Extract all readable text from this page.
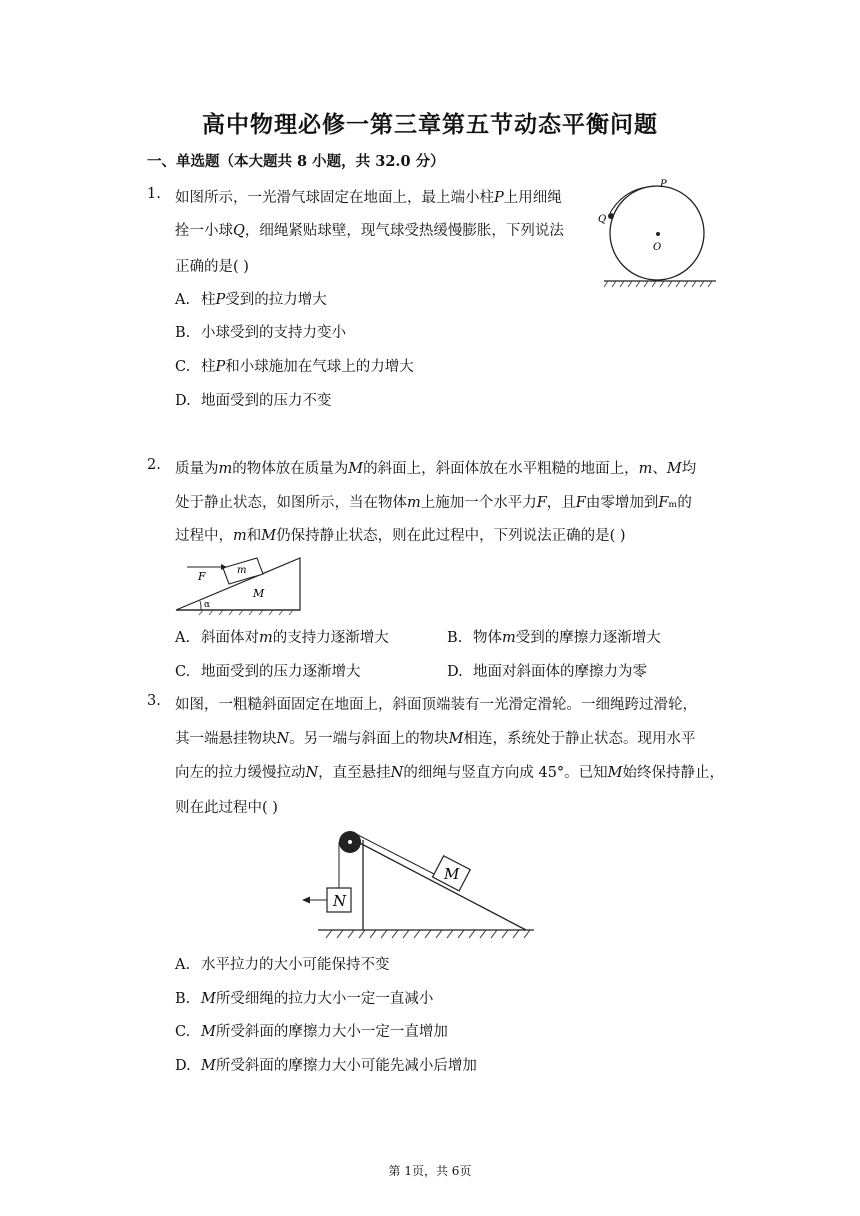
高中物理必修一第三章第五节动态平衡问题
一、单选题（本大题共 8 小题，共 32.0 分）
1. 如图所示，一光滑气球固定在地面上，最上端小柱𝑃上用细绳
拴一小球𝑄，细绳紧贴球壁，现气球受热缓慢膨胀，下列说法
正确的是( )
A. 柱𝑃受到的拉力增大
B. 小球受到的支持力变小
C. 柱𝑃和小球施加在气球上的力增大
D. 地面受到的压力不变
P
Q
O
2. 质量为𝑚的物体放在质量为𝑀的斜面上，斜面体放在水平粗糙的地面上，𝑚、𝑀均
处于静止状态，如图所示，当在物体𝑚上施加一个水平力𝐹，且𝐹由零增加到𝐹ₘ的
过程中，𝑚和𝑀仍保持静止状态，则在此过程中，下列说法正确的是( )
F	m
M
α
A. 斜面体对𝑚的支持力逐渐增大	B. 物体𝑚受到的摩擦力逐渐增大
C. 地面受到的压力逐渐增大	D. 地面对斜面体的摩擦力为零
3. 如图，一粗糙斜面固定在地面上，斜面顶端装有一光滑定滑轮。一细绳跨过滑轮，
其一端悬挂物块𝑁。另一端与斜面上的物块𝑀相连，系统处于静止状态。现用水平
向左的拉力缓慢拉动𝑁，直至悬挂𝑁的细绳与竖直方向成 45°。已知𝑀始终保持静止，
则在此过程中( )
M
N
A. 水平拉力的大小可能保持不变
B. 𝑀所受细绳的拉力大小一定一直减小
C. 𝑀所受斜面的摩擦力大小一定一直增加
D. 𝑀所受斜面的摩擦力大小可能先减小后增加
第 1页，共 6页
